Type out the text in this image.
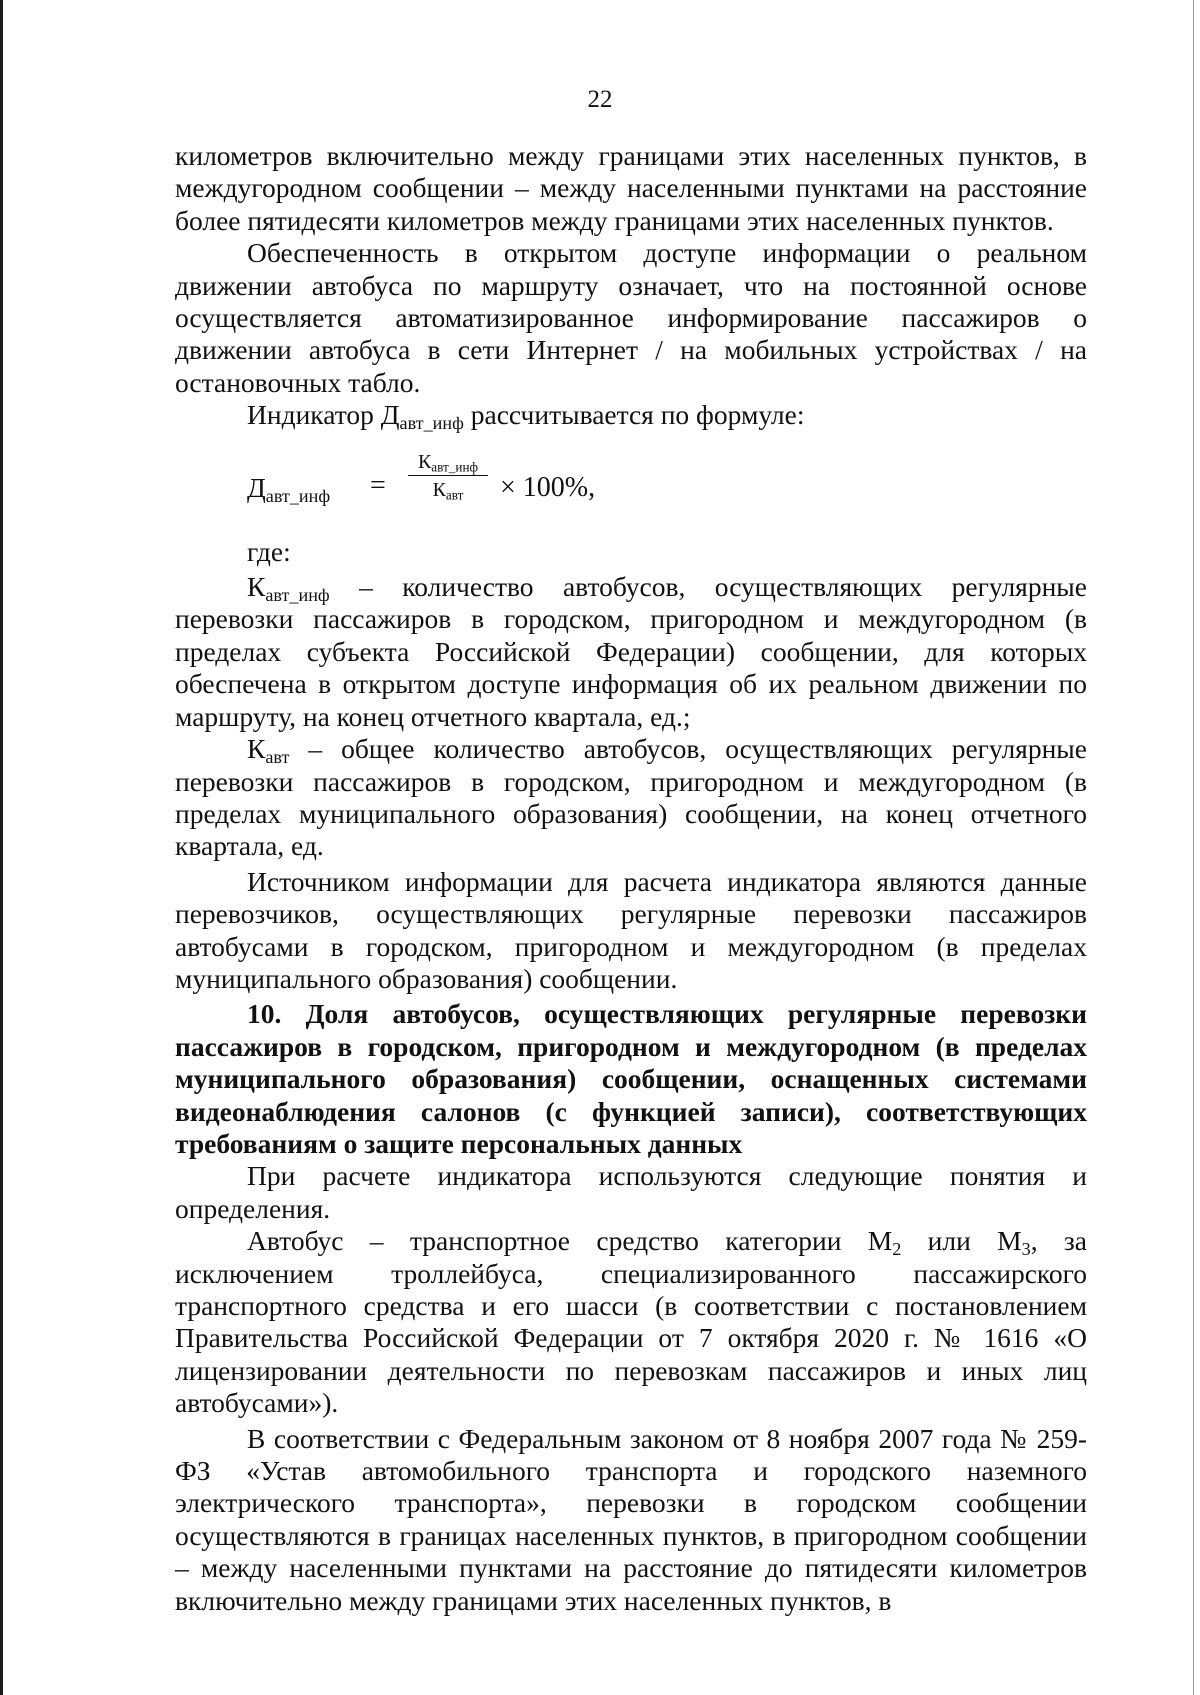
22

километров включительно между границами этих населенных пунктов, в междугородном сообщении – между населенными пунктами на расстояние более пятидесяти километров между границами этих населенных пунктов.

Обеспеченность в открытом доступе информации о реальном движении автобуса по маршруту означает, что на постоянной основе осуществляется автоматизированное информирование пассажиров о движении автобуса в сети Интернет / на мобильных устройствах / на остановочных табло.

Индикатор $Д_{авт\_инф}$ рассчитывается по формуле:

$Д_{авт\_инф}$ =
$К_{авт\_инф}$
$К_{авт}$	× 100%,

где:

$К_{авт\_инф}$ – количество автобусов, осуществляющих регулярные перевозки пассажиров в городском, пригородном и междугородном (в пределах субъекта Российской Федерации) сообщении, для которых обеспечена в открытом доступе информация об их реальном движении по маршруту, на конец отчетного квартала, ед.;

$К_{авт}$ – общее количество автобусов, осуществляющих регулярные перевозки пассажиров в городском, пригородном и междугородном (в пределах муниципального образования) сообщении, на конец отчетного квартала, ед.

Источником информации для расчета индикатора являются данные перевозчиков, осуществляющих регулярные перевозки пассажиров автобусами в городском, пригородном и междугородном (в пределах муниципального образования) сообщении.

10. Доля автобусов, осуществляющих регулярные перевозки пассажиров в городском, пригородном и междугородном (в пределах муниципального образования) сообщении, оснащенных системами видеонаблюдения салонов (с функцией записи), соответствующих требованиям о защите персональных данных

При расчете индикатора используются следующие понятия и определения.

Автобус – транспортное средство категории $М_2$ или $М_3$, за исключением троллейбуса, специализированного пассажирского транспортного средства и его шасси (в соответствии с постановлением Правительства Российской Федерации от 7 октября 2020 г. № 1616 «О лицензировании деятельности по перевозкам пассажиров и иных лиц автобусами»).

В соответствии с Федеральным законом от 8 ноября 2007 года № 259-ФЗ «Устав автомобильного транспорта и городского наземного электрического транспорта», перевозки в городском сообщении осуществляются в границах населенных пунктов, в пригородном сообщении – между населенными пунктами на расстояние до пятидесяти километров включительно между границами этих населенных пунктов, в
